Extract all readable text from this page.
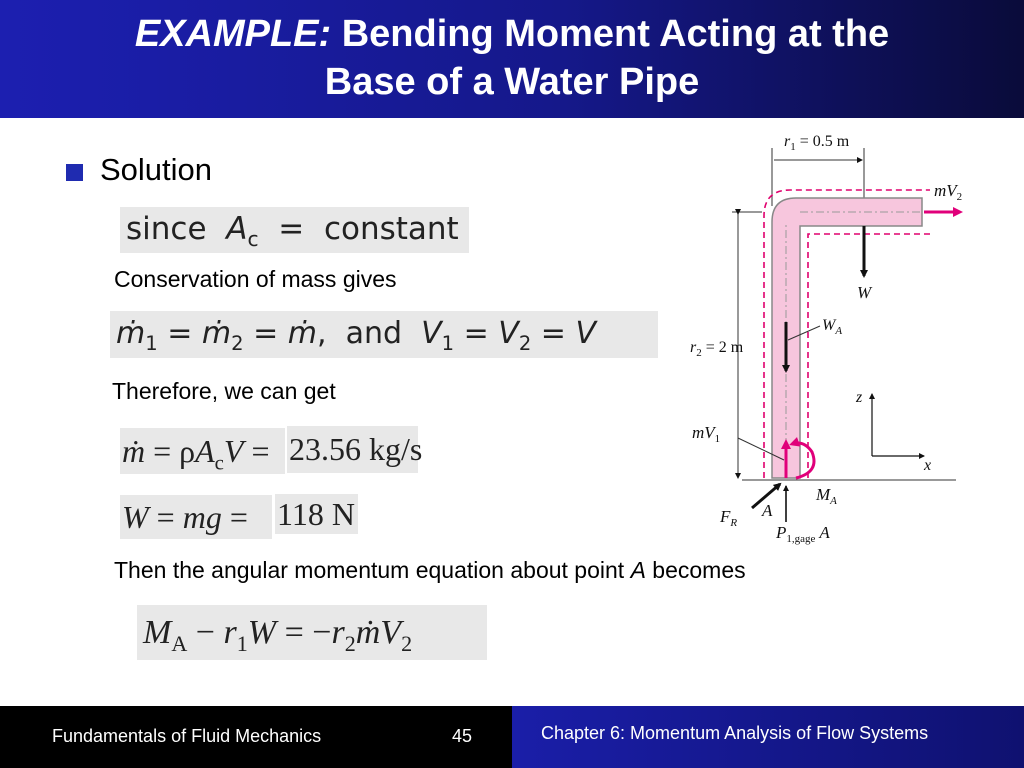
EXAMPLE: Bending Moment Acting at the
Base of a Water Pipe
Solution
since $A_c$  =  constant
Conservation of mass gives
ṁ$_1$ = ṁ$_2$ = ṁ,  and $V_1 = V_2 = V$
Therefore, we can get
ṁ = $\rho A_cV = 23.56$ kg/s
W = mg = 118 N
Then the angular momentum equation about point A becomes
$M_A - r_1W$ = $-r_2ṁV_2$
$r_1 = 0.5$ m
$r_2 = 2$ m
$mV_2$
W
$W_A$
z
x
$mV_1$
$M_A$
$F_R$
A
$P_{1,gage}$ A
Fundamentals of Fluid Mechanics	45	Chapter 6: Momentum Analysis of Flow Systems
